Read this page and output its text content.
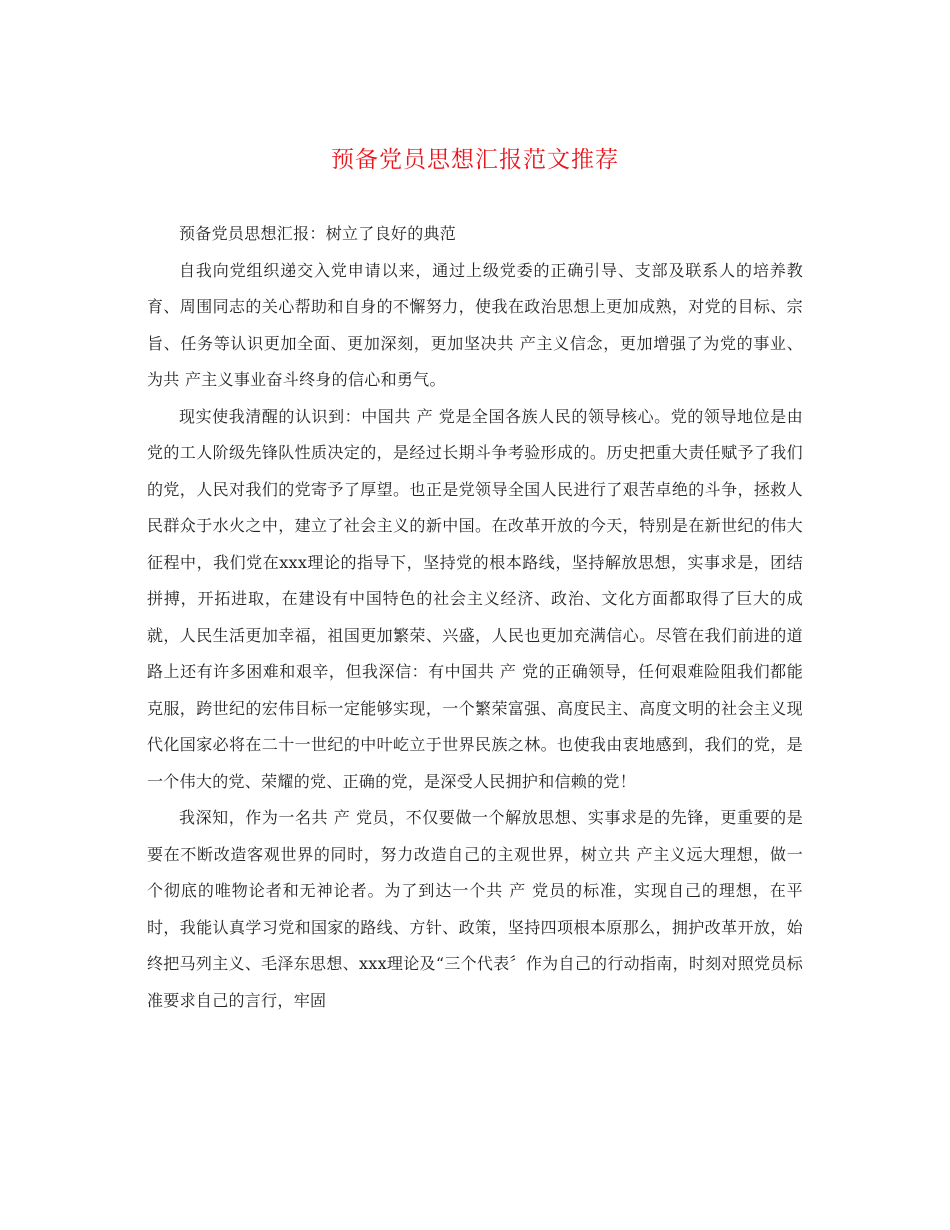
预备党员思想汇报范文推荐

预备党员思想汇报：树立了良好的典范

自我向党组织递交入党申请以来，通过上级党委的正确引导、支部及联系人的培养教育、周围同志的关心帮助和自身的不懈努力，使我在政治思想上更加成熟，对党的目标、宗旨、任务等认识更加全面、更加深刻，更加坚决共 产主义信念，更加增强了为党的事业、为共 产主义事业奋斗终身的信心和勇气。

现实使我清醒的认识到：中国共 产 党是全国各族人民的领导核心。党的领导地位是由党的工人阶级先锋队性质决定的，是经过长期斗争考验形成的。历史把重大责任赋予了我们的党，人民对我们的党寄予了厚望。也正是党领导全国人民进行了艰苦卓绝的斗争，拯救人民群众于水火之中，建立了社会主义的新中国。在改革开放的今天，特别是在新世纪的伟大征程中，我们党在xxx理论的指导下，坚持党的根本路线，坚持解放思想，实事求是，团结拼搏，开拓进取，在建设有中国特色的社会主义经济、政治、文化方面都取得了巨大的成就，人民生活更加幸福，祖国更加繁荣、兴盛，人民也更加充满信心。尽管在我们前进的道路上还有许多困难和艰辛，但我深信：有中国共 产 党的正确领导，任何艰难险阻我们都能克服，跨世纪的宏伟目标一定能够实现，一个繁荣富强、高度民主、高度文明的社会主义现代化国家必将在二十一世纪的中叶屹立于世界民族之林。也使我由衷地感到，我们的党，是一个伟大的党、荣耀的党、正确的党，是深受人民拥护和信赖的党！

我深知，作为一名共 产 党员，不仅要做一个解放思想、实事求是的先锋，更重要的是要在不断改造客观世界的同时，努力改造自己的主观世界，树立共 产主义远大理想，做一个彻底的唯物论者和无神论者。为了到达一个共 产 党员的标准，实现自己的理想，在平时，我能认真学习党和国家的路线、方针、政策，坚持四项根本原那么，拥护改革开放，始终把马列主义、毛泽东思想、xxx理论及“三个代表〞作为自己的行动指南，时刻对照党员标准要求自己的言行，牢固
